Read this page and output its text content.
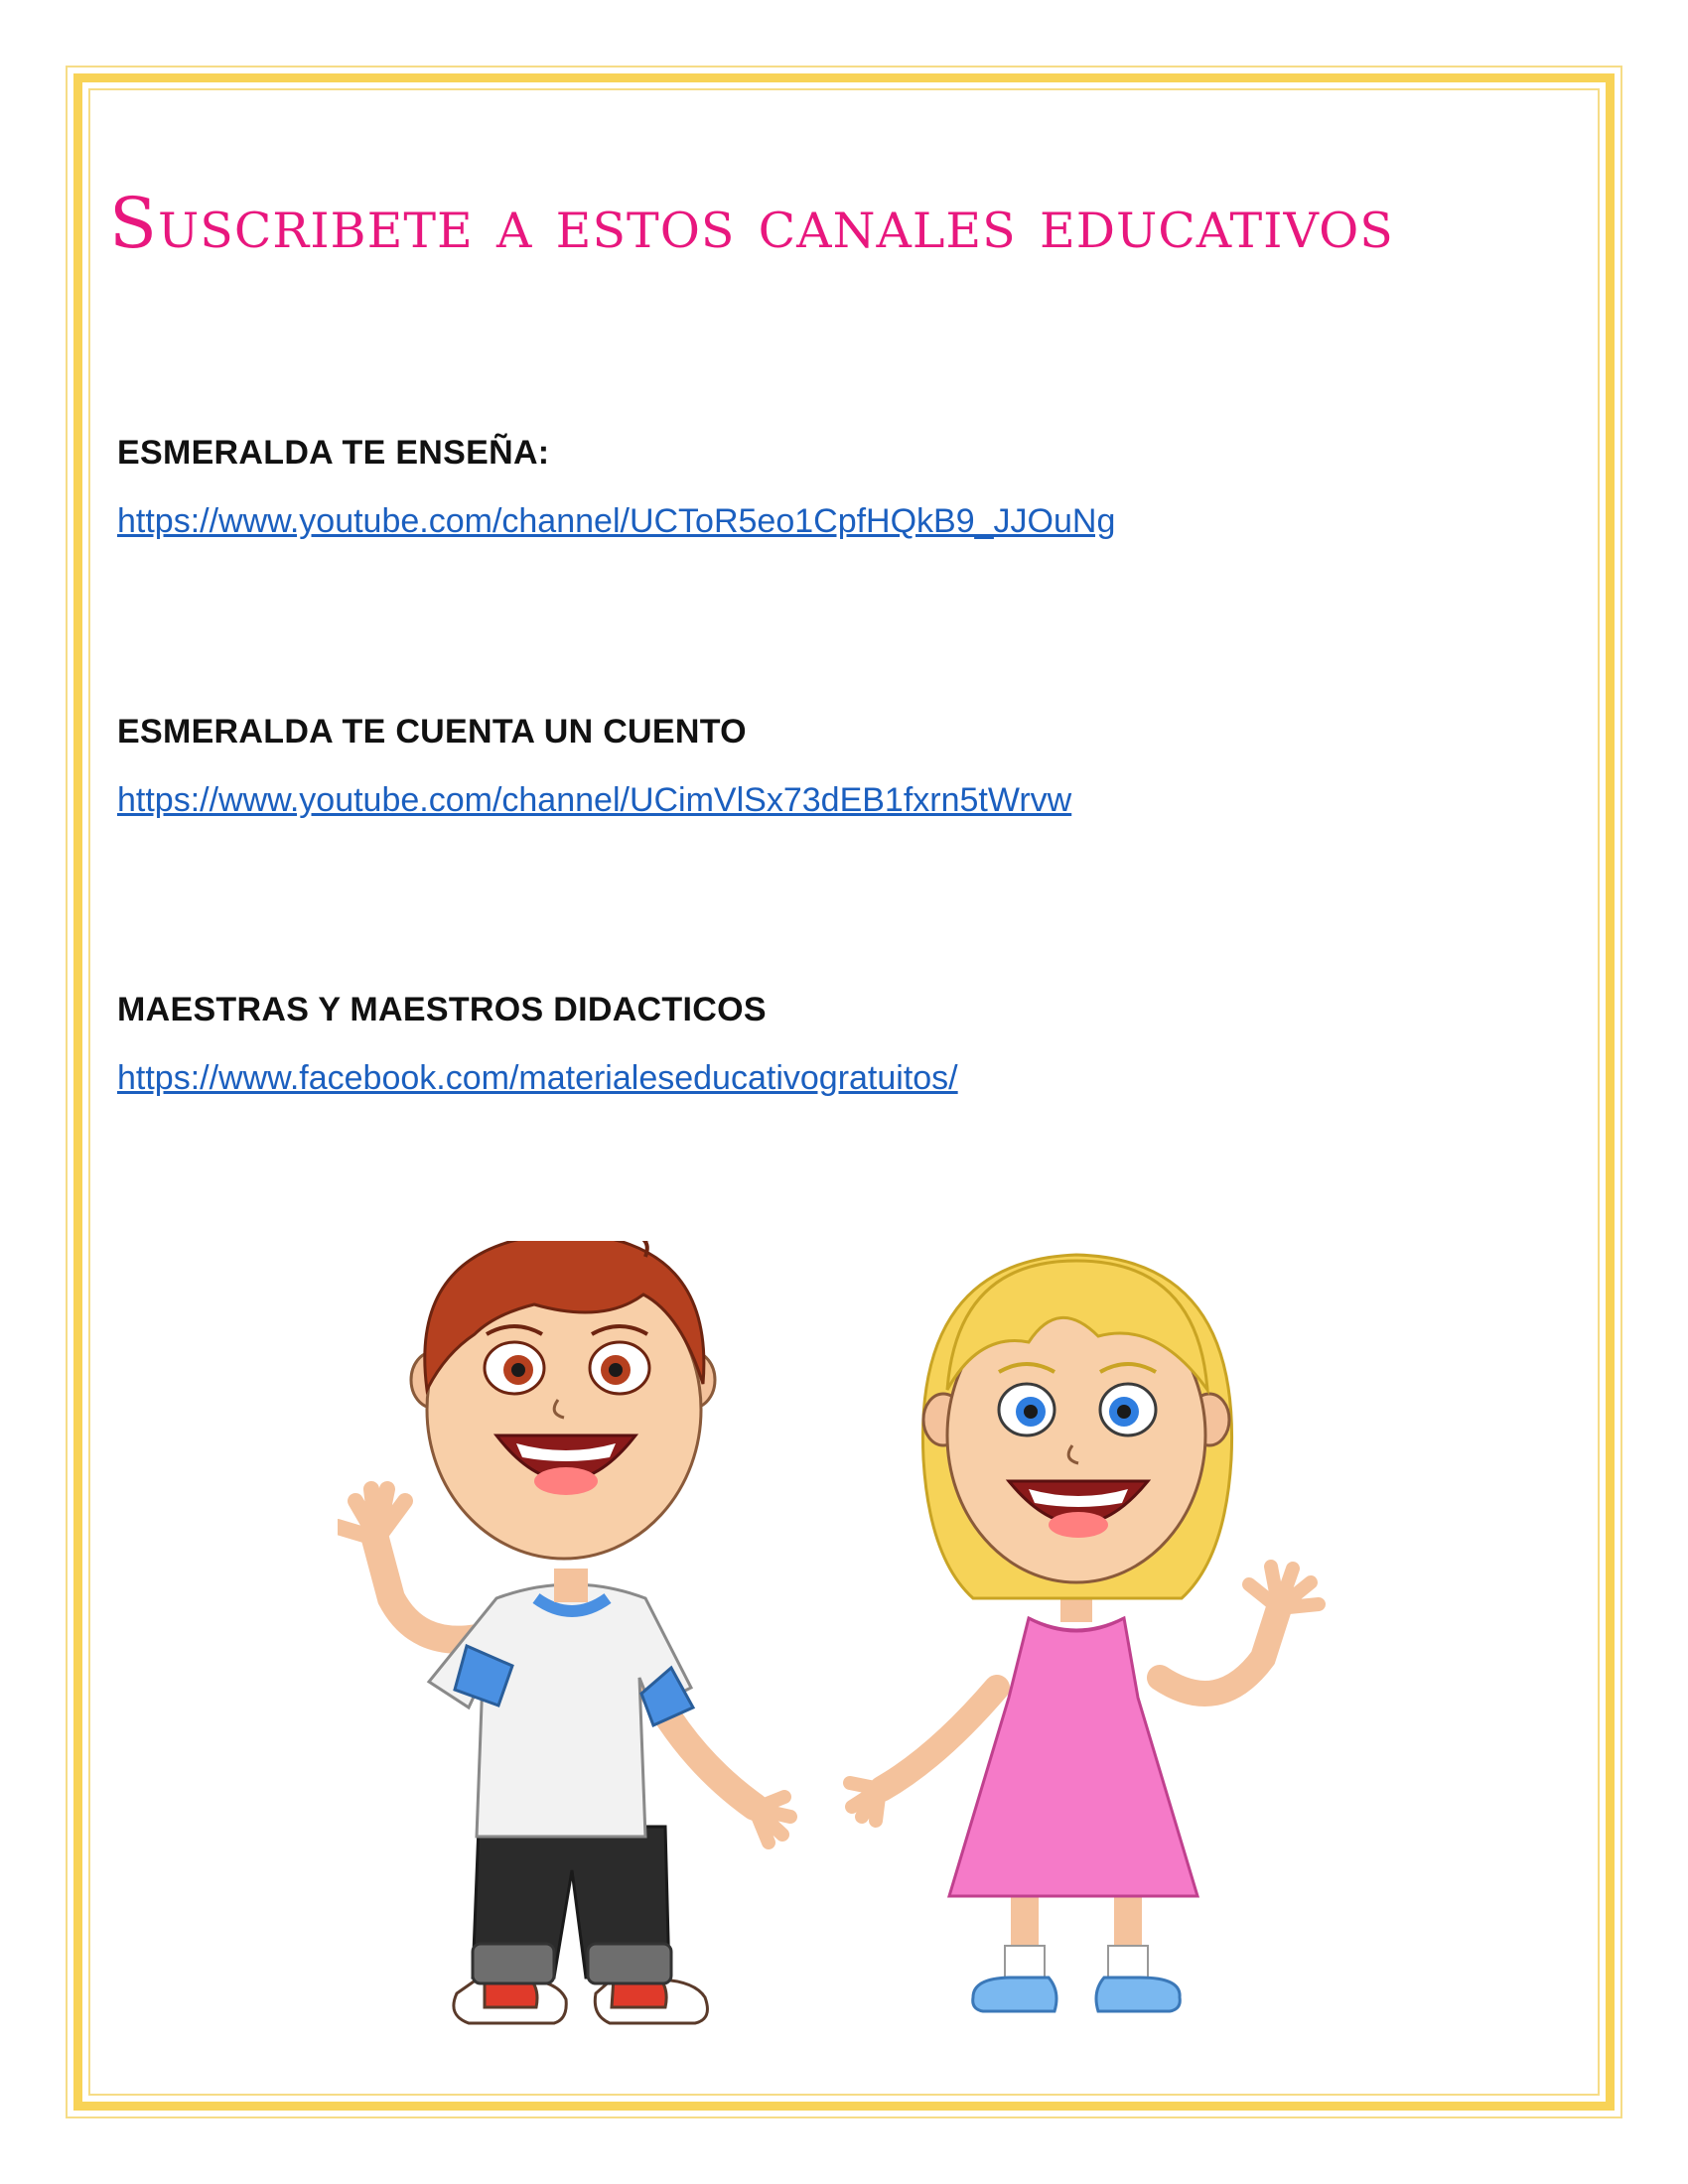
Suscribete a estos canales educativos

ESMERALDA TE ENSEÑA:

https://www.youtube.com/channel/UCToR5eo1CpfHQkB9_JJOuNg

ESMERALDA TE CUENTA UN CUENTO

https://www.youtube.com/channel/UCimVlSx73dEB1fxrn5tWrvw

MAESTRAS Y MAESTROS DIDACTICOS

https://www.facebook.com/materialeseducativogratuitos/
